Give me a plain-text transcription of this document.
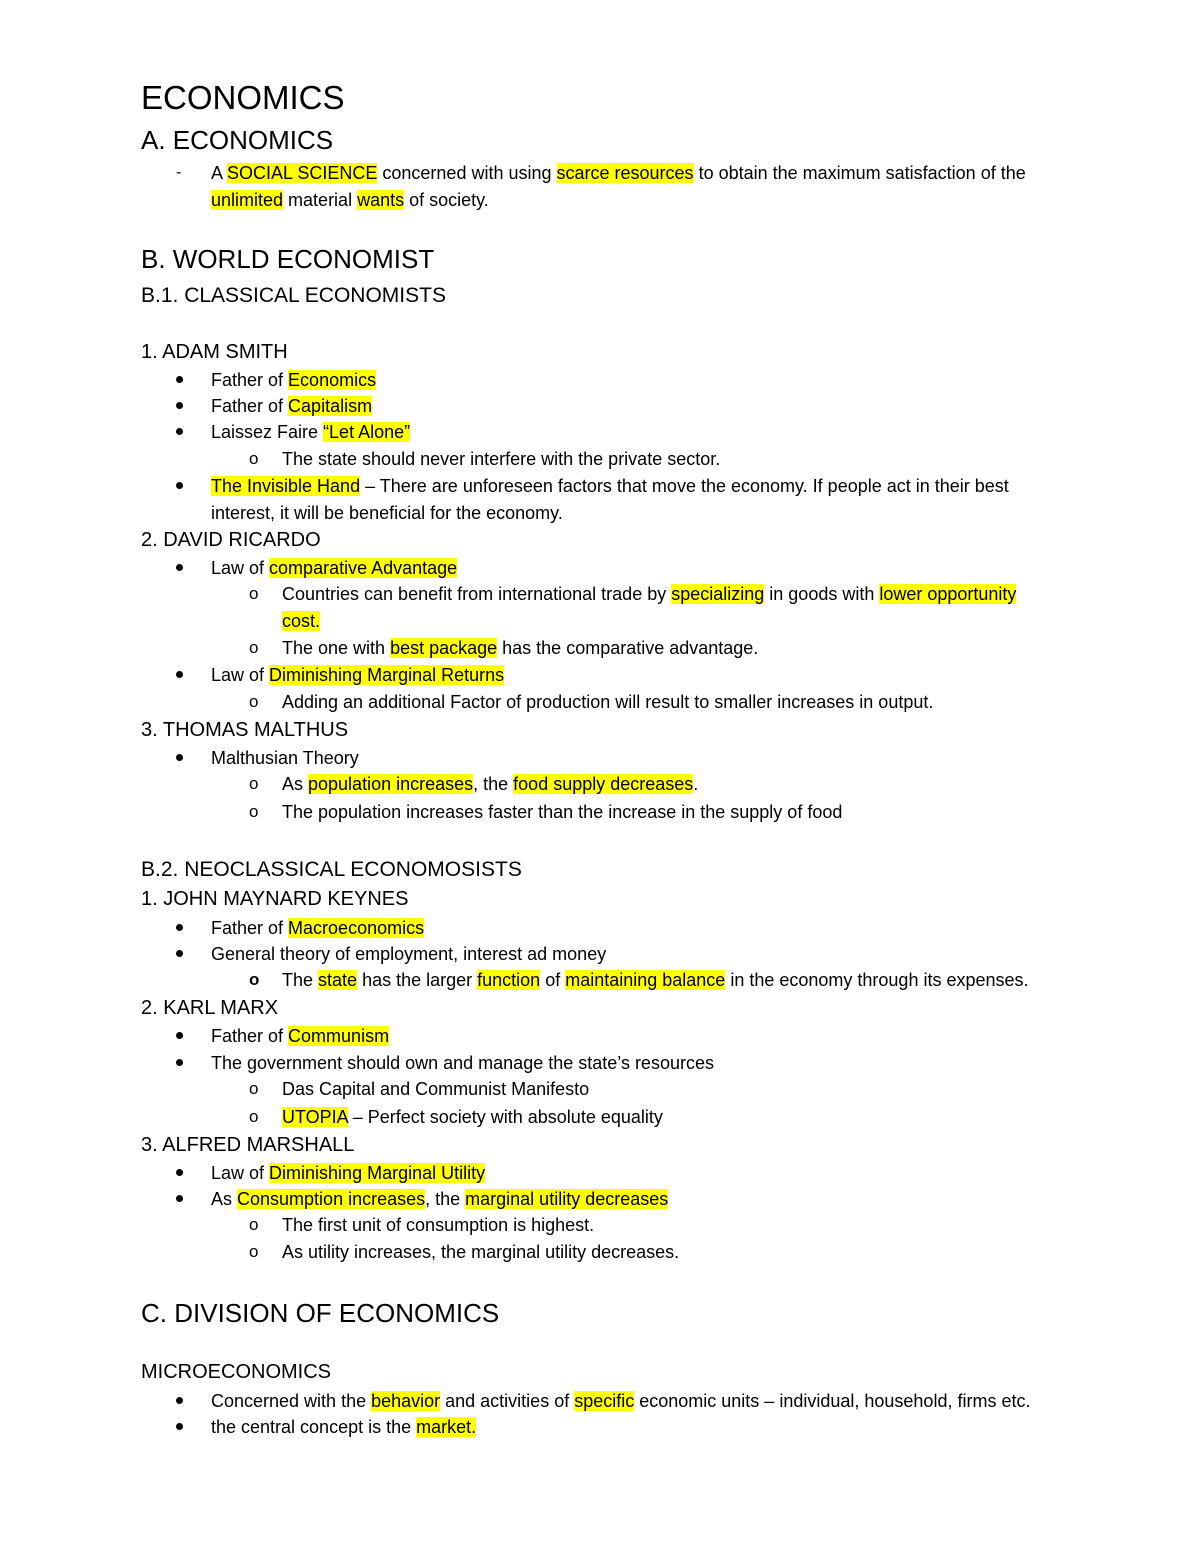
ECONOMICS
A. ECONOMICS
- A SOCIAL SCIENCE concerned with using scarce resources to obtain the maximum satisfaction of the
unlimited material wants of society.
B. WORLD ECONOMIST
B.1. CLASSICAL ECONOMISTS
1. ADAM SMITH
Father of Economics
Father of Capitalism
Laissez Faire “Let Alone”
o The state should never interfere with the private sector.
The Invisible Hand – There are unforeseen factors that move the economy. If people act in their best
interest, it will be beneficial for the economy.
2. DAVID RICARDO
Law of comparative Advantage
o Countries can benefit from international trade by specializing in goods with lower opportunity
cost.
o The one with best package has the comparative advantage.
Law of Diminishing Marginal Returns
o Adding an additional Factor of production will result to smaller increases in output.
3. THOMAS MALTHUS
Malthusian Theory
o As population increases, the food supply decreases.
o The population increases faster than the increase in the supply of food
B.2. NEOCLASSICAL ECONOMOSISTS
1. JOHN MAYNARD KEYNES
Father of Macroeconomics
General theory of employment, interest ad money
o The state has the larger function of maintaining balance in the economy through its expenses.
2. KARL MARX
Father of Communism
The government should own and manage the state’s resources
o Das Capital and Communist Manifesto
o UTOPIA – Perfect society with absolute equality
3. ALFRED MARSHALL
Law of Diminishing Marginal Utility
As Consumption increases, the marginal utility decreases
o The first unit of consumption is highest.
o As utility increases, the marginal utility decreases.
C. DIVISION OF ECONOMICS
MICROECONOMICS
Concerned with the behavior and activities of specific economic units – individual, household, firms etc.
the central concept is the market.
